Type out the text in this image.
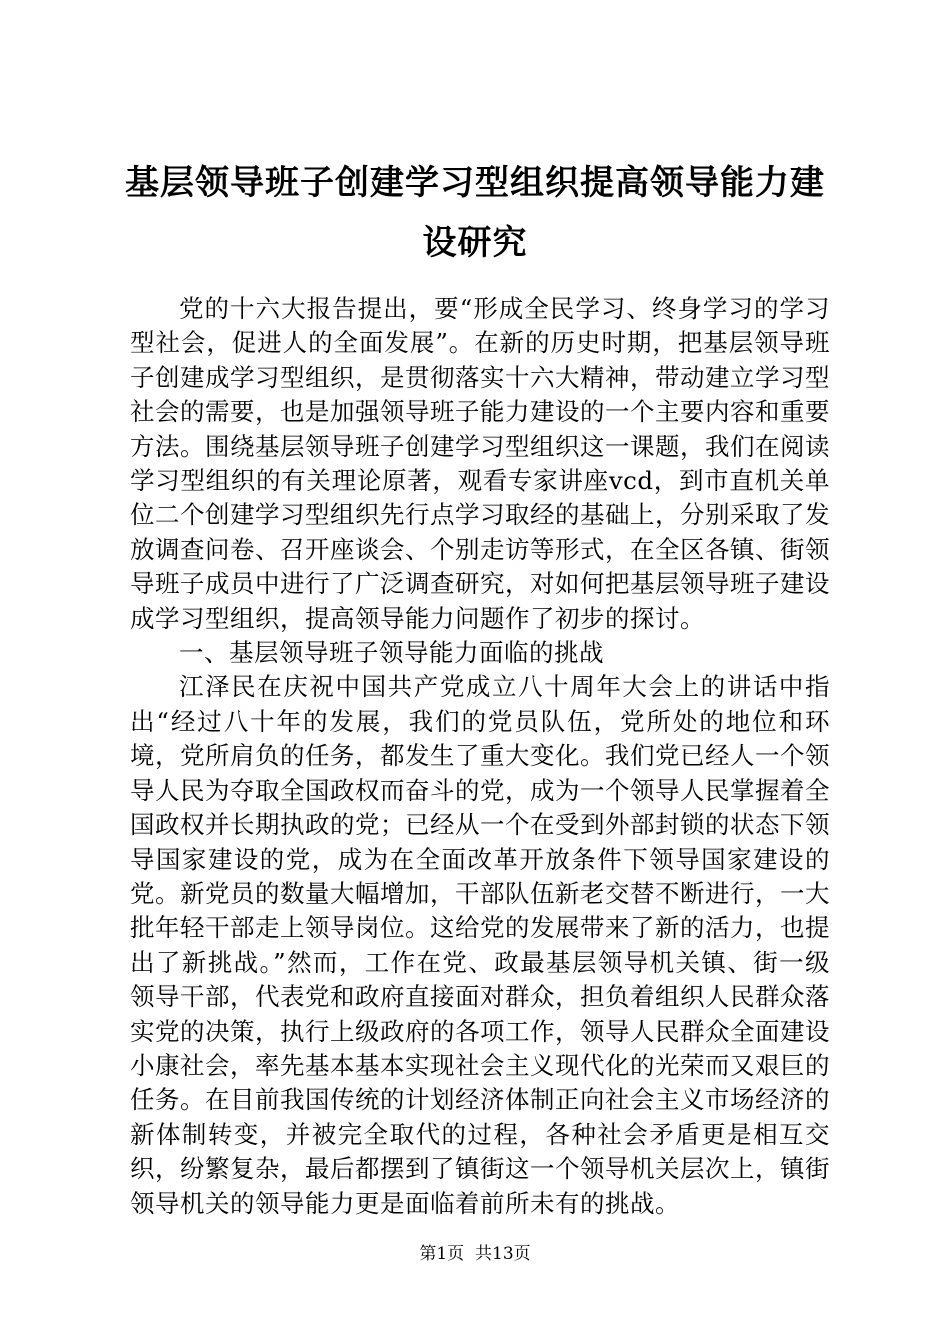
基层领导班子创建学习型组织提高领导能力建
设研究

党的十六大报告提出，要“形成全民学习、终身学习的学习型社会，促进人的全面发展”。在新的历史时期，把基层领导班子创建成学习型组织，是贯彻落实十六大精神，带动建立学习型社会的需要，也是加强领导班子能力建设的一个主要内容和重要方法。围绕基层领导班子创建学习型组织这一课题，我们在阅读学习型组织的有关理论原著，观看专家讲座vcd，到市直机关单位二个创建学习型组织先行点学习取经的基础上，分别采取了发放调查问卷、召开座谈会、个别走访等形式，在全区各镇、街领导班子成员中进行了广泛调查研究，对如何把基层领导班子建设成学习型组织，提高领导能力问题作了初步的探讨。

一、基层领导班子领导能力面临的挑战

江泽民在庆祝中国共产党成立八十周年大会上的讲话中指出“经过八十年的发展，我们的党员队伍，党所处的地位和环境，党所肩负的任务，都发生了重大变化。我们党已经人一个领导人民为夺取全国政权而奋斗的党，成为一个领导人民掌握着全国政权并长期执政的党；已经从一个在受到外部封锁的状态下领导国家建设的党，成为在全面改革开放条件下领导国家建设的党。新党员的数量大幅增加，干部队伍新老交替不断进行，一大批年轻干部走上领导岗位。这给党的发展带来了新的活力，也提出了新挑战。”然而，工作在党、政最基层领导机关镇、街一级领导干部，代表党和政府直接面对群众，担负着组织人民群众落实党的决策，执行上级政府的各项工作，领导人民群众全面建设小康社会，率先基本基本实现社会主义现代化的光荣而又艰巨的任务。在目前我国传统的计划经济体制正向社会主义市场经济的新体制转变，并被完全取代的过程，各种社会矛盾更是相互交织，纷繁复杂，最后都摆到了镇街这一个领导机关层次上，镇街领导机关的领导能力更是面临着前所未有的挑战。

第1页 共13页
